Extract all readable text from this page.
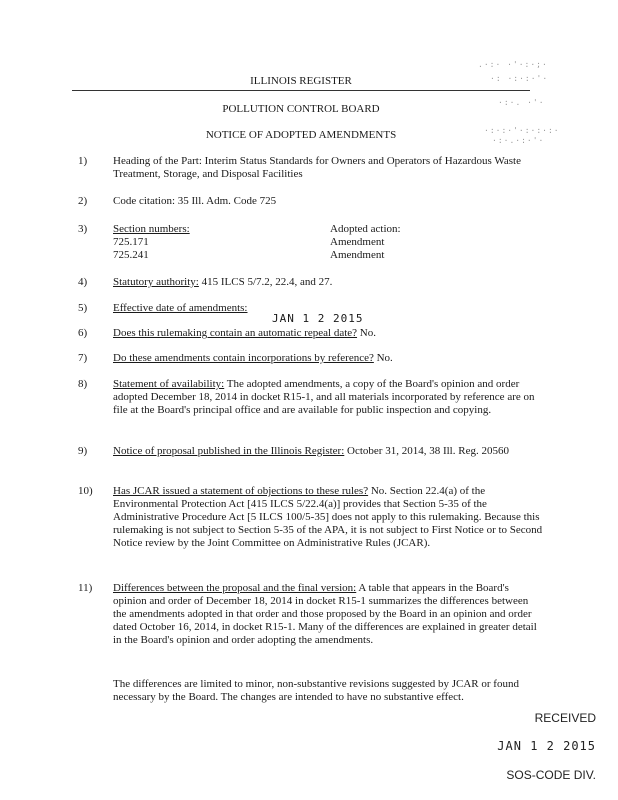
.·:· ·'·:·;·
·: ·:·:·'·
·:·. ·'·
·:·:·'·:·:·:·
·:·.·:·'·
ILLINOIS REGISTER
POLLUTION CONTROL BOARD
NOTICE OF ADOPTED AMENDMENTS
1)	Heading of the Part: Interim Status Standards for Owners and Operators of Hazardous Waste Treatment, Storage, and Disposal Facilities
2)	Code citation: 35 Ill. Adm. Code 725
3)	Section numbers:	Adopted action:
725.171	Amendment
725.241	Amendment
4)	Statutory authority: 415 ILCS 5/7.2, 22.4, and 27.
5)	Effective date of amendments:
JAN 1 2 2015
6)	Does this rulemaking contain an automatic repeal date? No.
7)	Do these amendments contain incorporations by reference? No.
8)	Statement of availability: The adopted amendments, a copy of the Board's opinion and order adopted December 18, 2014 in docket R15-1, and all materials incorporated by reference are on file at the Board's principal office and are available for public inspection and copying.
9)	Notice of proposal published in the Illinois Register: October 31, 2014, 38 Ill. Reg. 20560
10)	Has JCAR issued a statement of objections to these rules? No. Section 22.4(a) of the Environmental Protection Act [415 ILCS 5/22.4(a)] provides that Section 5-35 of the Administrative Procedure Act [5 ILCS 100/5-35] does not apply to this rulemaking. Because this rulemaking is not subject to Section 5-35 of the APA, it is not subject to First Notice or to Second Notice review by the Joint Committee on Administrative Rules (JCAR).
11)	Differences between the proposal and the final version: A table that appears in the Board's opinion and order of December 18, 2014 in docket R15-1 summarizes the differences between the amendments adopted in that order and those proposed by the Board in an opinion and order dated October 16, 2014, in docket R15-1. Many of the differences are explained in greater detail in the Board's opinion and order adopting the amendments.
The differences are limited to minor, non-substantive revisions suggested by JCAR or found necessary by the Board. The changes are intended to have no substantive effect.
RECEIVED
JAN 1 2 2015
SOS-CODE DIV.
